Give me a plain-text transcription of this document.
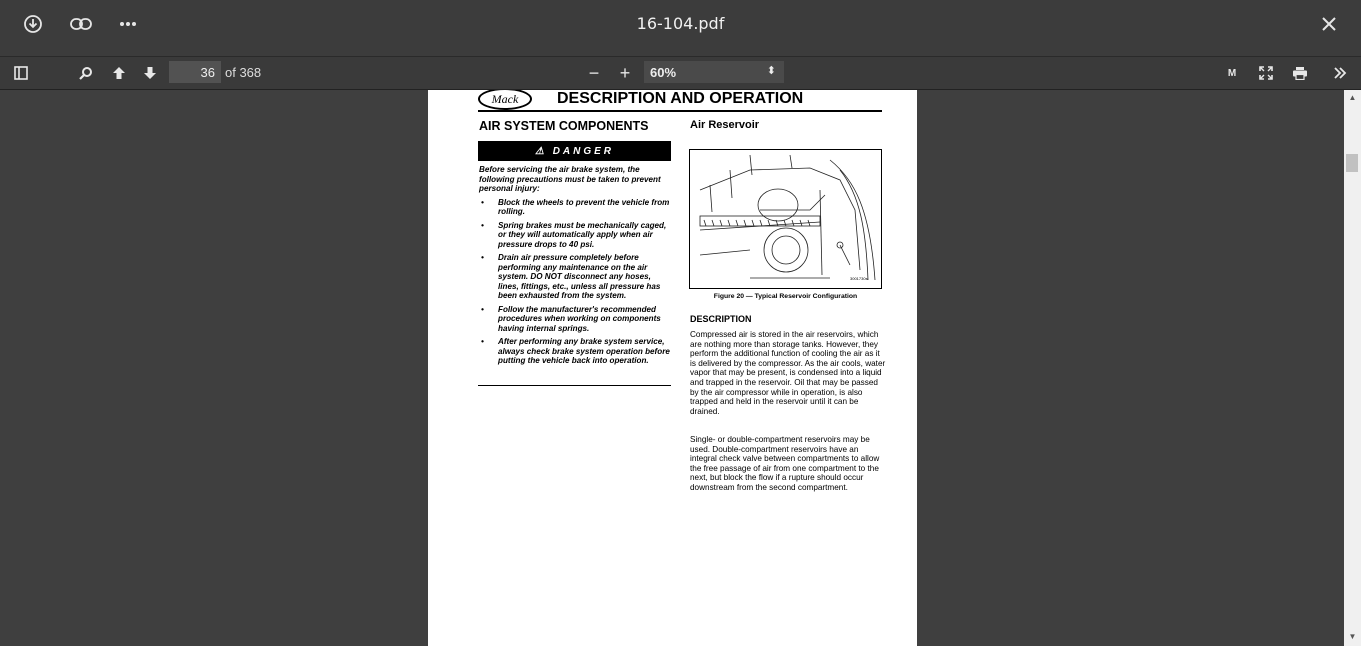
16-104.pdf
36
of 368	− +	60%	⬍	M
Mack	DESCRIPTION AND OPERATION
AIR SYSTEM COMPONENTS
⚠ DANGER
Before servicing the air brake system, the following precautions must be taken to prevent personal injury:
• Block the wheels to prevent the vehicle from rolling.
• Spring brakes must be mechanically caged, or they will automatically apply when air pressure drops to 40 psi.
• Drain air pressure completely before performing any maintenance on the air system. DO NOT disconnect any hoses, lines, fittings, etc., unless all pressure has been exhausted from the system.
• Follow the manufacturer's recommended procedures when working on components having internal springs.
• After performing any brake system service, always check brake system operation before putting the vehicle back into operation.
Air Reservoir
3001730s
Figure 20 — Typical Reservoir Configuration
DESCRIPTION
Compressed air is stored in the air reservoirs, which are nothing more than storage tanks. However, they perform the additional function of cooling the air as it is delivered by the compressor. As the air cools, water vapor that may be present, is condensed into a liquid and trapped in the reservoir. Oil that may be passed by the air compressor while in operation, is also trapped and held in the reservoir until it can be drained.
Single- or double-compartment reservoirs may be used. Double-compartment reservoirs have an integral check valve between compartments to allow the free passage of air from one compartment to the next, but block the flow if a rupture should occur downstream from the second compartment.
▲
▼
